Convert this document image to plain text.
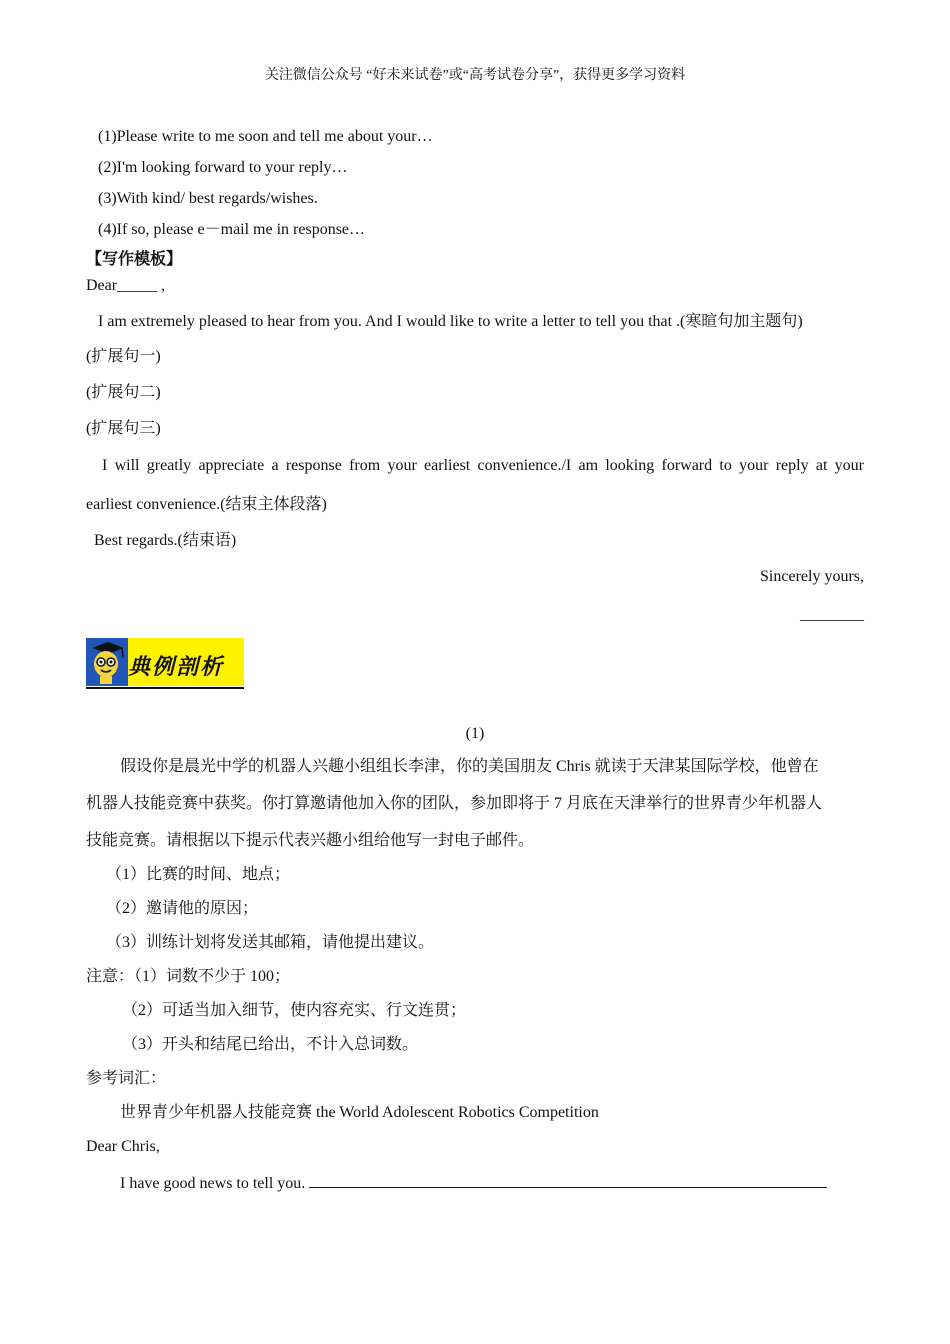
关注微信公众号 “好未来试卷”或“高考试卷分享”，获得更多学习资料
(1)Please write to me soon and tell me about your…
(2)I'm looking forward to your reply…
(3)With kind/ best regards/wishes.
(4)If so, please e－mail me in response…
【写作模板】
Dear_____ ,
I am extremely pleased to hear from you. And I would like to write a letter to tell you that .(寒暄句加主题句)
(扩展句一)
(扩展句二)
(扩展句三)
I will greatly appreciate a response from your earliest convenience./I am looking forward to your reply at your
earliest convenience.(结束主体段落)
Best regards.(结束语)
Sincerely yours,
________
典例剖析
(1)
假设你是晨光中学的机器人兴趣小组组长李津，你的美国朋友 Chris 就读于天津某国际学校，他曾在
机器人技能竞赛中获奖。你打算邀请他加入你的团队，参加即将于 7 月底在天津举行的世界青少年机器人
技能竞赛。请根据以下提示代表兴趣小组给他写一封电子邮件。
（1）比赛的时间、地点；
（2）邀请他的原因；
（3）训练计划将发送其邮箱，请他提出建议。
注意：（1）词数不少于 100；
（2）可适当加入细节，使内容充实、行文连贯；
（3）开头和结尾已给出，不计入总词数。
参考词汇：
世界青少年机器人技能竞赛 the World Adolescent Robotics Competition
Dear Chris,
I have good news to tell you.
